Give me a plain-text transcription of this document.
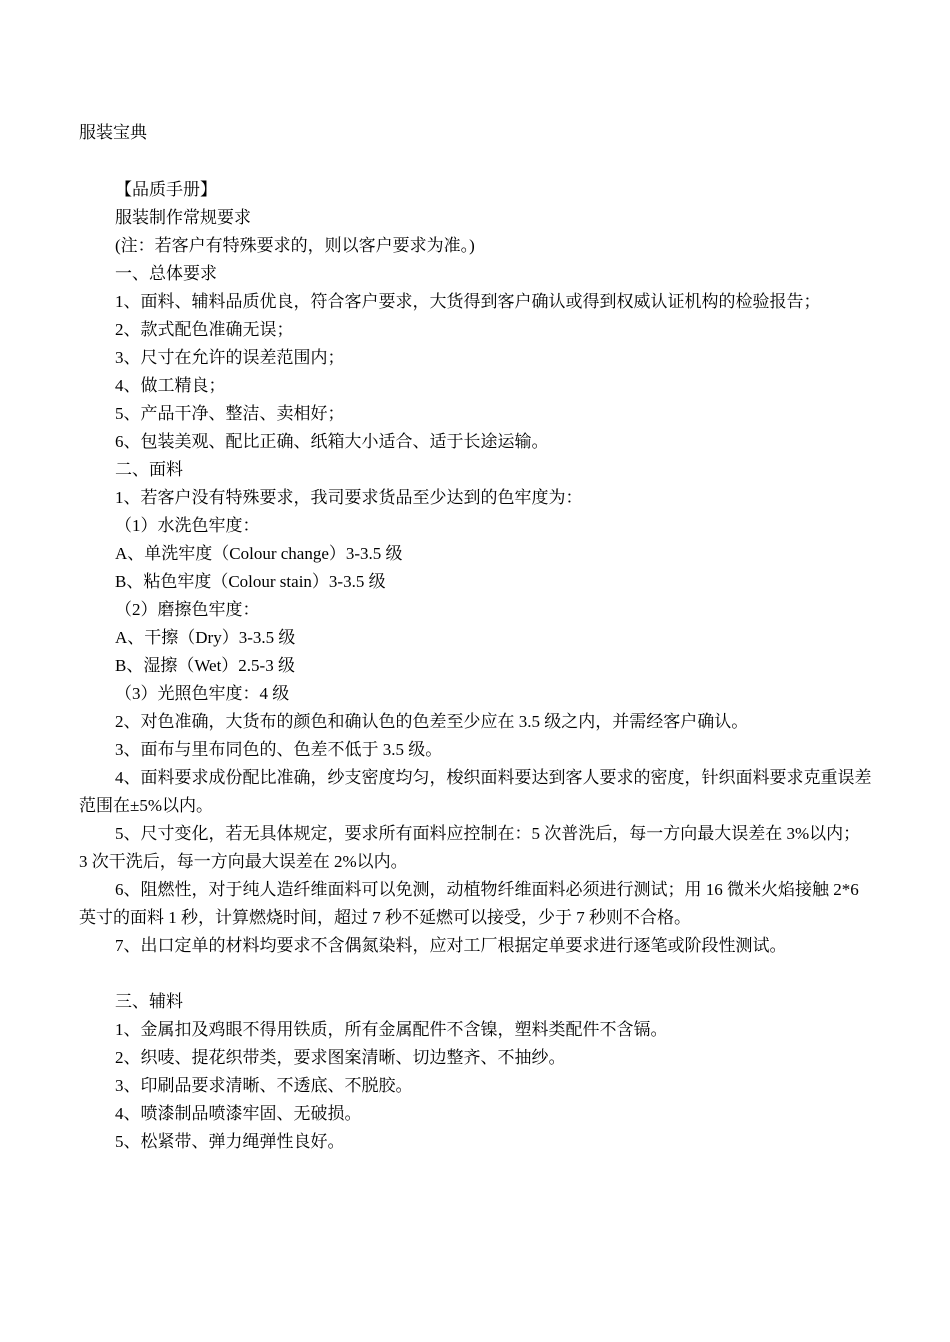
服装宝典

【品质手册】

服装制作常规要求

(注：若客户有特殊要求的，则以客户要求为准。)

一、总体要求

1、面料、辅料品质优良，符合客户要求，大货得到客户确认或得到权威认证机构的检验报告；

2、款式配色准确无误；

3、尺寸在允许的误差范围内；

4、做工精良；

5、产品干净、整洁、卖相好；

6、包装美观、配比正确、纸箱大小适合、适于长途运输。

二、面料

1、若客户没有特殊要求，我司要求货品至少达到的色牢度为：

（1）水洗色牢度：

A、单洗牢度（Colour change）3-3.5 级

B、粘色牢度（Colour stain）3-3.5 级

（2）磨擦色牢度：

A、干擦（Dry）3-3.5 级

B、湿擦（Wet）2.5-3 级

（3）光照色牢度：4 级

2、对色准确，大货布的颜色和确认色的色差至少应在 3.5 级之内，并需经客户确认。

3、面布与里布同色的、色差不低于 3.5 级。

4、面料要求成份配比准确，纱支密度均匀，梭织面料要达到客人要求的密度，针织面料要求克重误差范围在±5%以内。

5、尺寸变化，若无具体规定，要求所有面料应控制在：5 次普洗后，每一方向最大误差在 3%以内；

3 次干洗后，每一方向最大误差在 2%以内。

6、阻燃性，对于纯人造纤维面料可以免测，动植物纤维面料必须进行测试；用 16 微米火焰接触 2*6 英寸的面料 1 秒，计算燃烧时间，超过 7 秒不延燃可以接受，少于 7 秒则不合格。

7、出口定单的材料均要求不含偶氮染料，应对工厂根据定单要求进行逐笔或阶段性测试。

三、辅料

1、金属扣及鸡眼不得用铁质，所有金属配件不含镍，塑料类配件不含镉。

2、织唛、提花织带类，要求图案清晰、切边整齐、不抽纱。

3、印刷品要求清晰、不透底、不脱胶。

4、喷漆制品喷漆牢固、无破损。

5、松紧带、弹力绳弹性良好。
